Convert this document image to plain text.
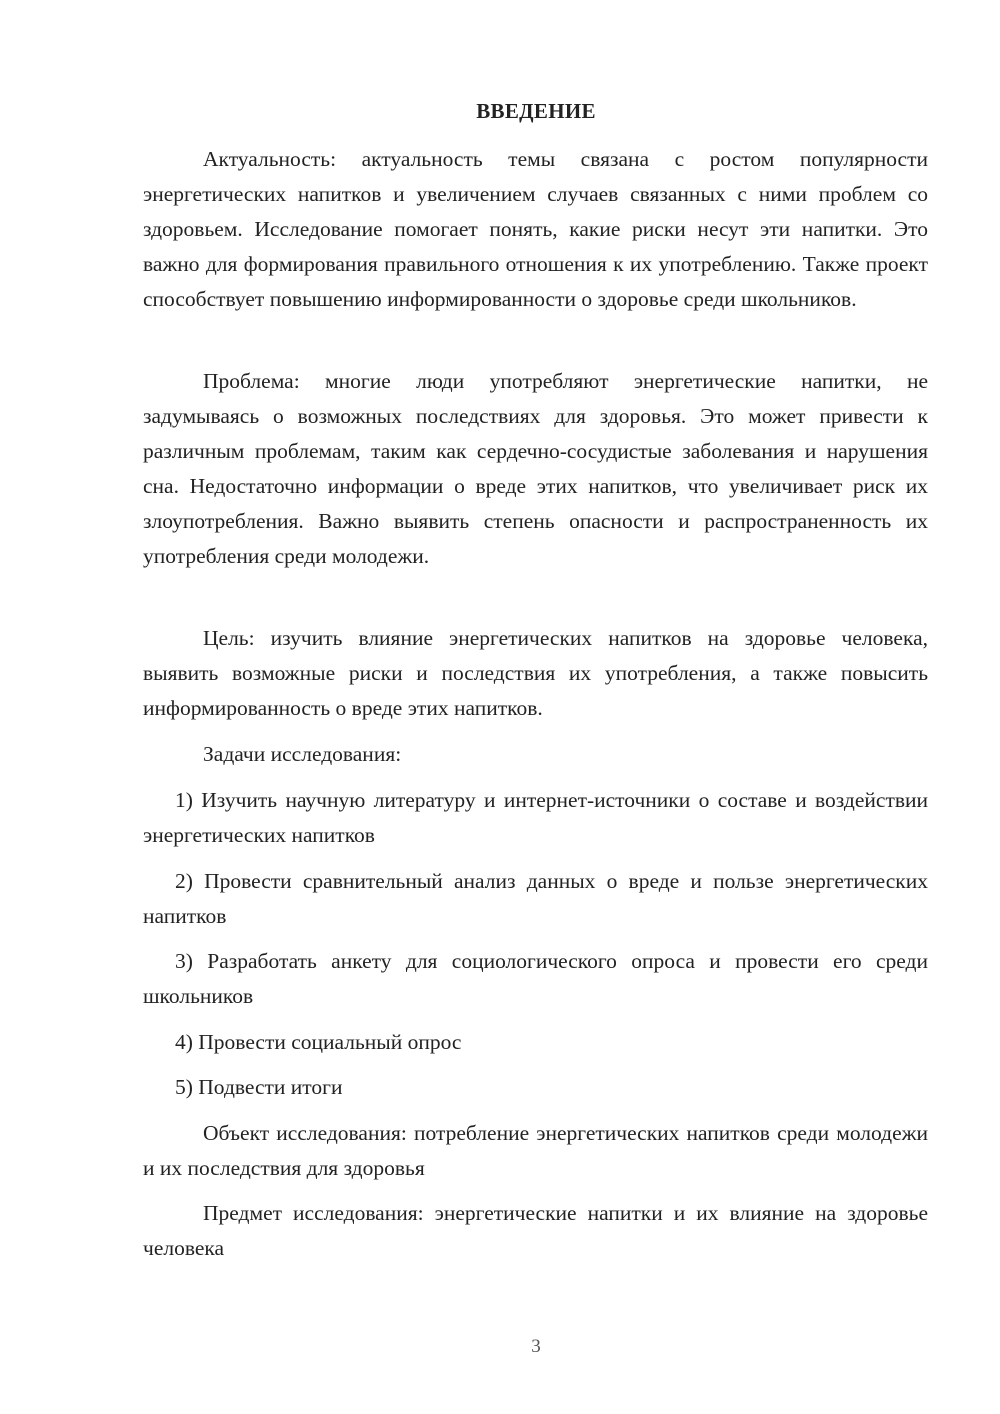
ВВЕДЕНИЕ

Актуальность: актуальность темы связана с ростом популярности энергетических напитков и увеличением случаев связанных с ними проблем со здоровьем. Исследование помогает понять, какие риски несут эти напитки. Это важно для формирования правильного отношения к их употреблению. Также проект способствует повышению информированности о здоровье среди школьников.

Проблема: многие люди употребляют энергетические напитки, не задумываясь о возможных последствиях для здоровья. Это может привести к различным проблемам, таким как сердечно-сосудистые заболевания и нарушения сна. Недостаточно информации о вреде этих напитков, что увеличивает риск их злоупотребления. Важно выявить степень опасности и распространенность их употребления среди молодежи.

Цель: изучить влияние энергетических напитков на здоровье человека, выявить возможные риски и последствия их употребления, а также повысить информированность о вреде этих напитков.

Задачи исследования:

1) Изучить научную литературу и интернет-источники о составе и воздействии энергетических напитков

2) Провести сравнительный анализ данных о вреде и пользе энергетических напитков

3) Разработать анкету для социологического опроса и провести его среди школьников

4) Провести социальный опрос

5) Подвести итоги

Объект исследования: потребление энергетических напитков среди молодежи и их последствия для здоровья

Предмет исследования: энергетические напитки и их влияние на здоровье человека

3
